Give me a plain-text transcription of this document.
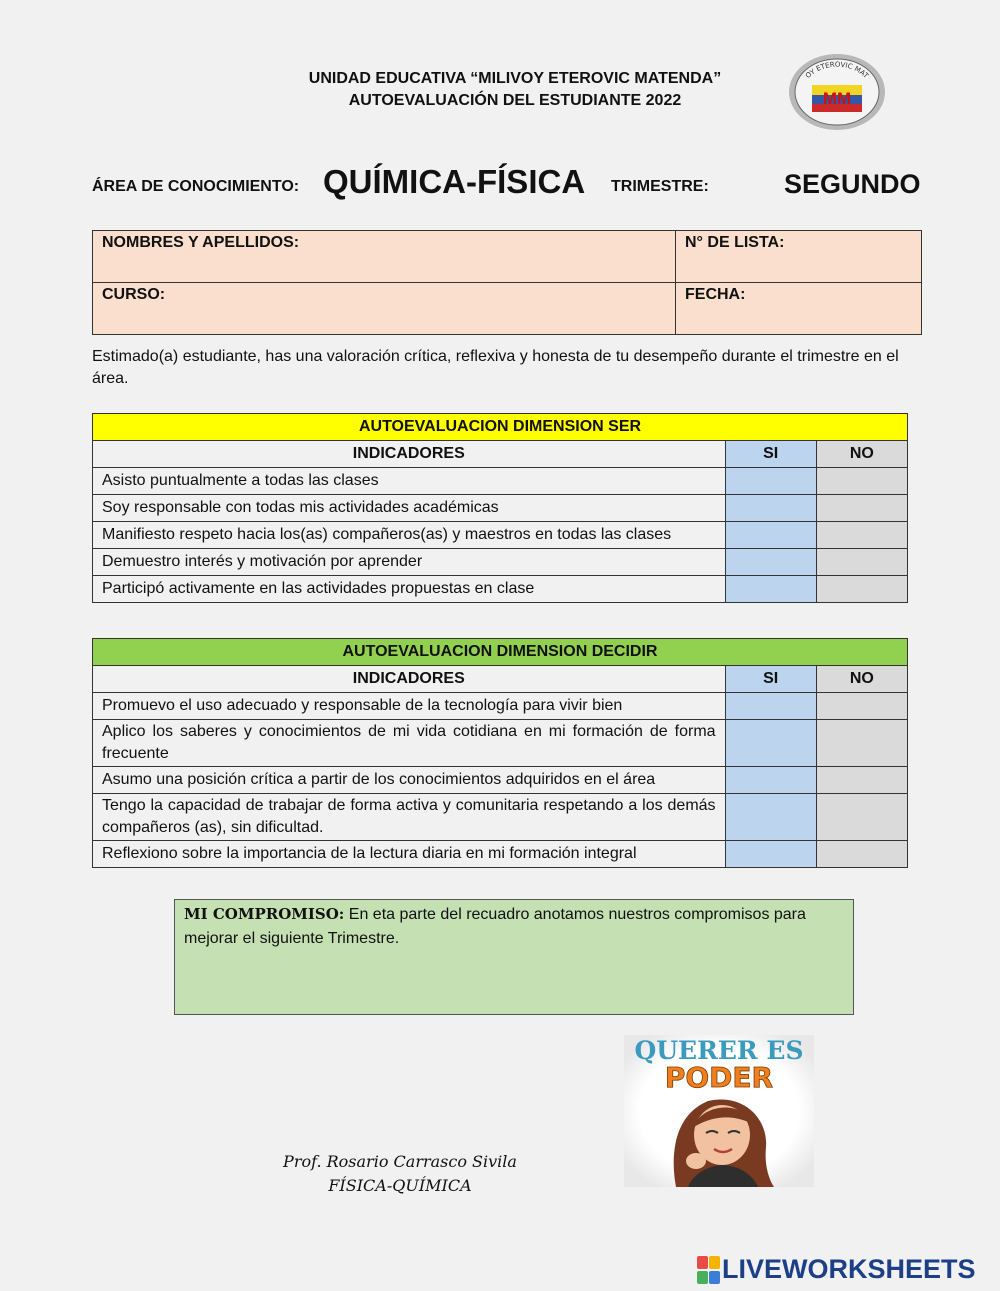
UNIDAD EDUCATIVA “MILIVOY ETEROVIC MATENDA”
AUTOEVALUACIÓN DEL ESTUDIANTE 2022
OY ETEROVIC MAT
MM
ÁREA DE CONOCIMIENTO: QUÍMICA-FÍSICA TRIMESTRE:	SEGUNDO
NOMBRES Y APELLIDOS:	N° DE LISTA:
CURSO:	FECHA:
Estimado(a) estudiante, has una valoración crítica, reflexiva y honesta de tu desempeño durante el trimestre en el área.
AUTOEVALUACION DIMENSION SER		
INDICADORES	SI	NO
Asisto puntualmente a todas las clases		
Soy responsable con todas mis actividades académicas		
Manifiesto respeto hacia los(as) compañeros(as) y maestros en todas las clases		
Demuestro interés y motivación por aprender		
Participó activamente en las actividades propuestas en clase		
AUTOEVALUACION DIMENSION DECIDIR		
INDICADORES	SI	NO
Promuevo el uso adecuado y responsable de la tecnología para vivir bien		
Aplico los saberes y conocimientos de mi vida cotidiana en mi formación de forma frecuente		
Asumo una posición crítica a partir de los conocimientos adquiridos en el área		
Tengo la capacidad de trabajar de forma activa y comunitaria respetando a los demás compañeros (as), sin dificultad.		
Reflexiono sobre la importancia de la lectura diaria en mi formación integral		
MI COMPROMISO: En eta parte del recuadro anotamos nuestros compromisos para mejorar el siguiente Trimestre.
QUERER ES
PODER
Prof. Rosario Carrasco Sivila
FÍSICA-QUÍMICA
LIVEWORKSHEETS
